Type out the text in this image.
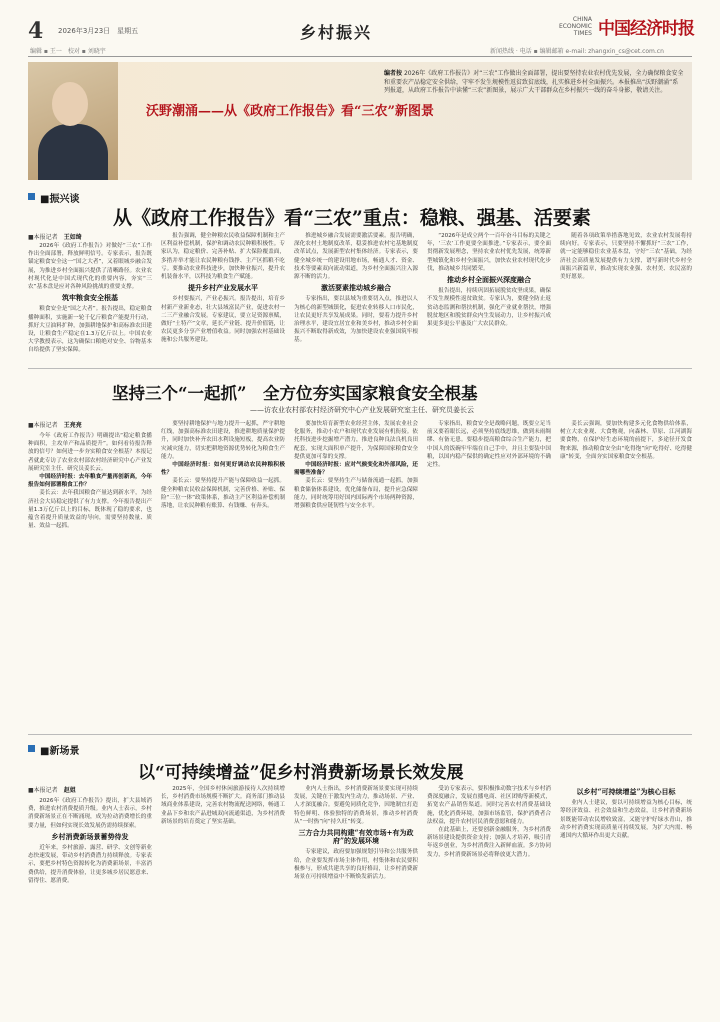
4 2026年3月23日　星期五
编辑 ▪ 王一　校对 ▪ 刘晓宇
乡村振兴
CHINA ECONOMIC TIMES 中国经济时报
新闻热线 · 电话 ▪ 编辑邮箱 e-mail: zhangxin_cs@cet.com.cn
沃野潮涌——从《政府工作报告》看“三农”新图景
编者按 2026年《政府工作报告》对“三农”工作做出全面部署，提出要坚持农业农村优先发展，全力确保粮食安全和重要农产品稳定安全供给，守牢不发生规模性返贫致贫底线，扎实推进乡村全面振兴。本报推出“沃野潮涌”系列报道，从政府工作报告中读懂“三农”新图景，展示广大干部群众在乡村振兴一线的奋斗身影，敬请关注。
■振兴谈
从《政府工作报告》看“三农”重点：稳粮、强基、活要素
■本报记者　 王如绮

2026年《政府工作报告》对做好“三农”工作作出全面部署，释放鲜明信号。专家表示，报告既锚定粮食安全这一“国之大者”，又着眼城乡融合发展，为推进乡村全面振兴提供了清晰路径。农业农村现代化是中国式现代化的重要内容，夯实“三农”基本盘是应对各种风险挑战的重要支撑。

筑牢粮食安全根基

粮食安全是“国之大者”。报告提出，稳定粮食播种面积，实施新一轮千亿斤粮食产能提升行动，抓好大豆油料扩种，加强耕地保护和高标准农田建设，让粮食生产稳定在1.3万亿斤以上。中国农业大学教授表示，这为确保口粮绝对安全、谷物基本自给提供了坚实保障。

报告强调，健全种粮农民收益保障机制和主产区利益补偿机制，保护和调动农民种粮积极性。专家认为，稳定粮价、完善补贴、扩大保险覆盖面，多措并举才能让农民种粮有钱挣、主产区抓粮不吃亏。要推动农业科技进步，加快种业振兴，提升农机装备水平，以科技为粮食生产赋能。

提升乡村产业发展水平

乡村要振兴，产业必振兴。报告提出，培育乡村新产业新业态，壮大县域富民产业，促进农村一二三产业融合发展。专家建议，要立足资源禀赋，做好“土特产”文章，延长产业链、提升价值链，让农民更多分享产业增值收益。同时加强农村基础设施和公共服务建设。

推进城乡融合发展需要激活要素。报告明确，深化农村土地制度改革，稳妥推进农村宅基地制度改革试点，发展新型农村集体经济。专家表示，要健全城乡统一的建设用地市场，畅通人才、资金、技术等要素双向流动渠道，为乡村全面振兴注入源源不断的活力。

激活要素推动城乡融合

专家指出，要以县域为重要切入点，推进以人为核心的新型城镇化，促进农业转移人口市民化，让农民更好共享发展成果。同时，要着力提升乡村治理水平，建设宜居宜业和美乡村，推动乡村全面振兴不断取得新成效，为加快建设农业强国筑牢根基。

“2026年是成立两个一百年奋斗目标的关键之年，‘三农’工作更要全面推进。”专家表示，要全面贯彻新发展理念，坚持农业农村优先发展，统筹新型城镇化和乡村全面振兴，加快农业农村现代化步伐，推动城乡共同繁荣。

推动乡村全面振兴深度融合

报告提出，持续巩固拓展脱贫攻坚成果，确保不发生规模性返贫致贫。专家认为，要健全防止返贫动态监测和帮扶机制，强化产业就业帮扶，增强脱贫地区和脱贫群众内生发展动力，让乡村振兴成果更多更公平惠及广大农民群众。

随着各项政策举措落地见效，农业农村发展将持续向好。专家表示，只要坚持不懈抓好“三农”工作，就一定能够稳住农业基本盘，守好“三农”基础，为经济社会高质量发展提供有力支撑，谱写新时代乡村全面振兴新篇章，推动实现农业强、农村美、农民富的美好愿景。

坚持三个“一起抓”　全方位夯实国家粮食安全根基
——访农业农村部农村经济研究中心产业发展研究室主任、研究员姜长云
■本报记者　 王亮亮

今年《政府工作报告》明确提出“稳定粮食播种面积，主攻单产和品质提升”。如何看待报告释放的信号？如何进一步夯实粮食安全根基？本报记者就此专访了农业农村部农村经济研究中心产业发展研究室主任、研究员姜长云。

中国经济时报：去年粮食产量再创新高，今年报告如何部署粮食工作？

姜长云：去年我国粮食产量达到新水平，为经济社会大局稳定提供了有力支撑。今年报告提出产量1.3万亿斤以上的目标，既体现了稳的要求，也蕴含着提升质量效益的导向，需要坚持数量、质量、效益一起抓。

要坚持耕地保护与地力提升一起抓，严守耕地红线，加强高标准农田建设，推进耕地质量保护提升，同时加快补齐农田水利设施短板，提高农业防灾减灾能力，切实把耕地资源优势转化为粮食生产能力。

中国经济时报：如何更好调动农民种粮积极性？

姜长云：要坚持提升产能与保障收益一起抓。健全种粮农民收益保障机制，完善价格、补贴、保险“三位一体”政策体系，推动主产区利益补偿机制落地，让农民种粮有账算、有钱赚、有奔头。

要加快培育新型农业经营主体，发展农业社会化服务，推动小农户和现代农业发展有机衔接。依托科技进步挖掘增产潜力，推进良种良法良机良田配套，实现大面积单产提升，为保障国家粮食安全提供更加可靠的支撑。

中国经济时报：应对气候变化和外部风险，还需哪些准备？

姜长云：要坚持生产与储备流通一起抓，加强粮食储备体系建设，优化储备布局，提升应急保障能力，同时统筹用好国内国际两个市场两种资源，增强粮食供应链韧性与安全水平。

专家指出，粮食安全是战略问题，既要立足当前又要着眼长远，必须坚持底线思维，做到未雨绸缪、有备无患。要稳步提高粮食综合生产能力，把中国人的饭碗牢牢端在自己手中，并且主要装中国粮，以国内稳产保供的确定性应对外部环境的不确定性。

姜长云强调，要加快构建多元化食物供给体系，树立大农业观、大食物观，向森林、草原、江河湖海要食物，在保护好生态环境的前提下，多途径开发食物来源，推动粮食安全由“吃得饱”向“吃得好、吃得健康”转变，全面夯实国家粮食安全根基。

■新场景
以“可持续增益”促乡村消费新场景长效发展
■本报记者　 赵姐

2026年《政府工作报告》提出，扩大县域消费，推进农村消费提质升级。业内人士表示，乡村消费新场景正在不断涌现，成为拉动消费增长的重要力量，但如何实现长效发展仍需持续探索。

乡村消费新场景蓄势待发

近年来，乡村旅游、露营、研学、文创等新业态快速发展，带动乡村消费潜力持续释放。专家表示，要把乡村特色资源转化为消费新场景，丰富消费供给，提升消费体验，让更多城乡居民愿意来、留得住、愿消费。

2025年，全国乡村休闲旅游接待人次持续增长，乡村消费市场规模不断扩大。商务部门推动县域商业体系建设，完善农村物流配送网络，畅通工业品下乡和农产品进城双向流通渠道，为乡村消费新场景的培育奠定了坚实基础。

业内人士指出，乡村消费新场景要实现可持续发展，关键在于激发内生动力，推动场景、产业、人才深度融合。要避免同质化竞争，因地制宜打造特色鲜明、体验独特的消费场景，推动乡村消费从“一时热”向“持久旺”转变。

三方合力共同构建“有效市场+有为政府”的发展环境

专家建议，政府要加强规划引导和公共服务供给，企业要发挥市场主体作用，村集体和农民要积极参与，形成共建共享的良好格局，让乡村消费新场景在可持续增益中不断焕发新活力。

受访专家表示，要积极推动数字技术与乡村消费深度融合，发展直播电商、社区团购等新模式，拓宽农产品销售渠道。同时完善农村消费基础设施，优化消费环境，加强市场监管，保护消费者合法权益，提升农村居民消费意愿和能力。

在此基础上，还要创新金融服务，为乡村消费新场景建设提供资金支持；加强人才培养，吸引青年返乡创业，为乡村消费注入新鲜血液。多方协同发力，乡村消费新场景必将释放更大潜力。

以乡村“可持续增益”为核心目标

业内人士建议，要以可持续增益为核心目标，统筹经济效益、社会效益和生态效益，让乡村消费新场景既能带动农民增收致富，又能守护好绿水青山，推动乡村消费实现高质量可持续发展，为扩大内需、畅通国内大循环作出更大贡献。
